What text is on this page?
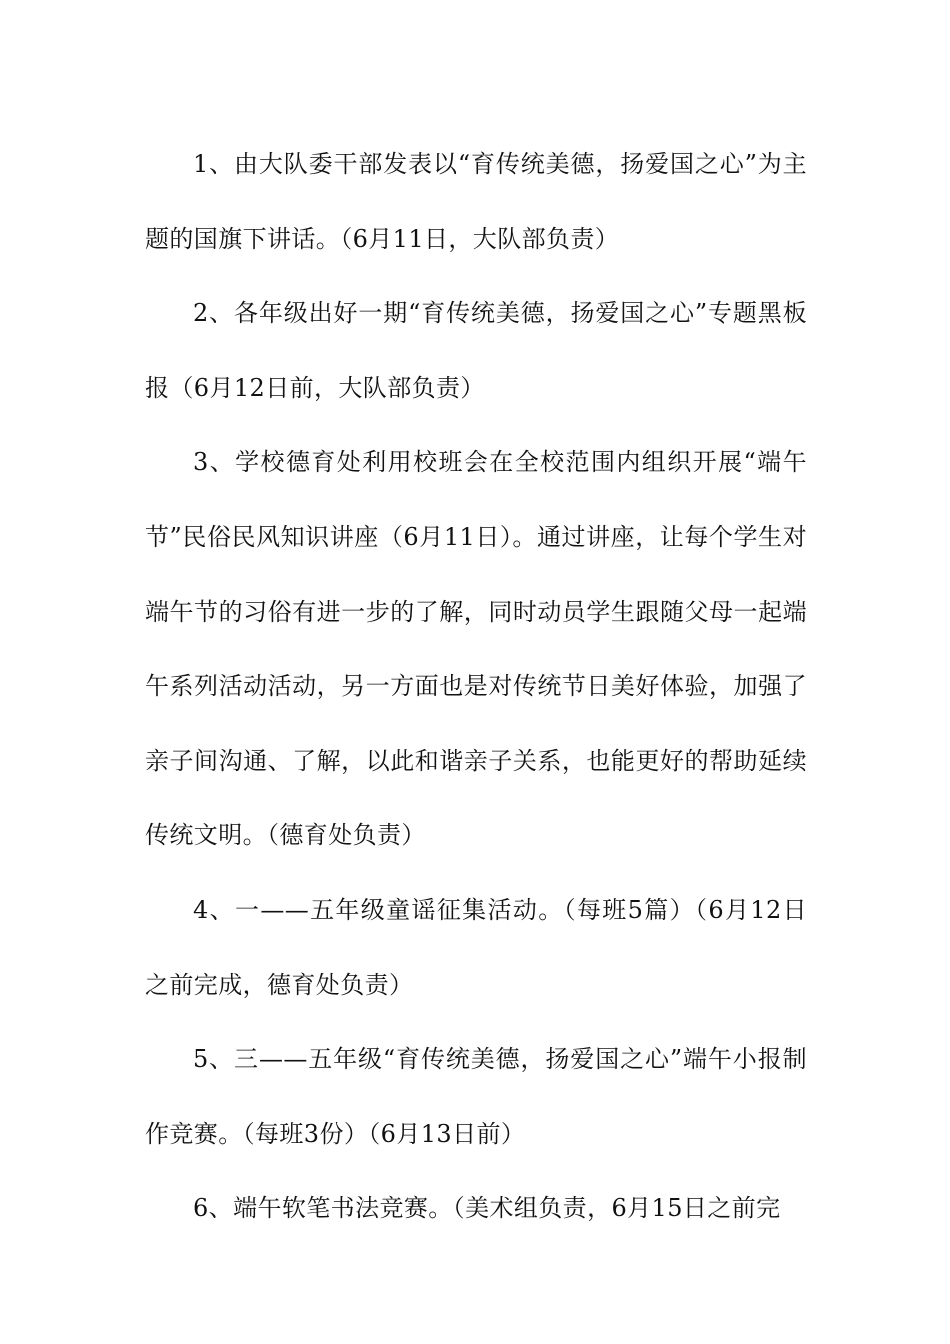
1、由大队委干部发表以“育传统美德，扬爱国之心”为主题的国旗下讲话。（6月11日，大队部负责）

2、各年级出好一期“育传统美德，扬爱国之心”专题黑板报（6月12日前，大队部负责）

3、学校德育处利用校班会在全校范围内组织开展“端午节”民俗民风知识讲座（6月11日）。通过讲座，让每个学生对端午节的习俗有进一步的了解，同时动员学生跟随父母一起端午系列活动活动，另一方面也是对传统节日美好体验，加强了亲子间沟通、了解，以此和谐亲子关系，也能更好的帮助延续传统文明。（德育处负责）

4、一——五年级童谣征集活动。（每班5篇）（6月12日之前完成，德育处负责）

5、三——五年级“育传统美德，扬爱国之心”端午小报制作竞赛。（每班3份）（6月13日前）

6、端午软笔书法竞赛。（美术组负责，6月15日之前完
